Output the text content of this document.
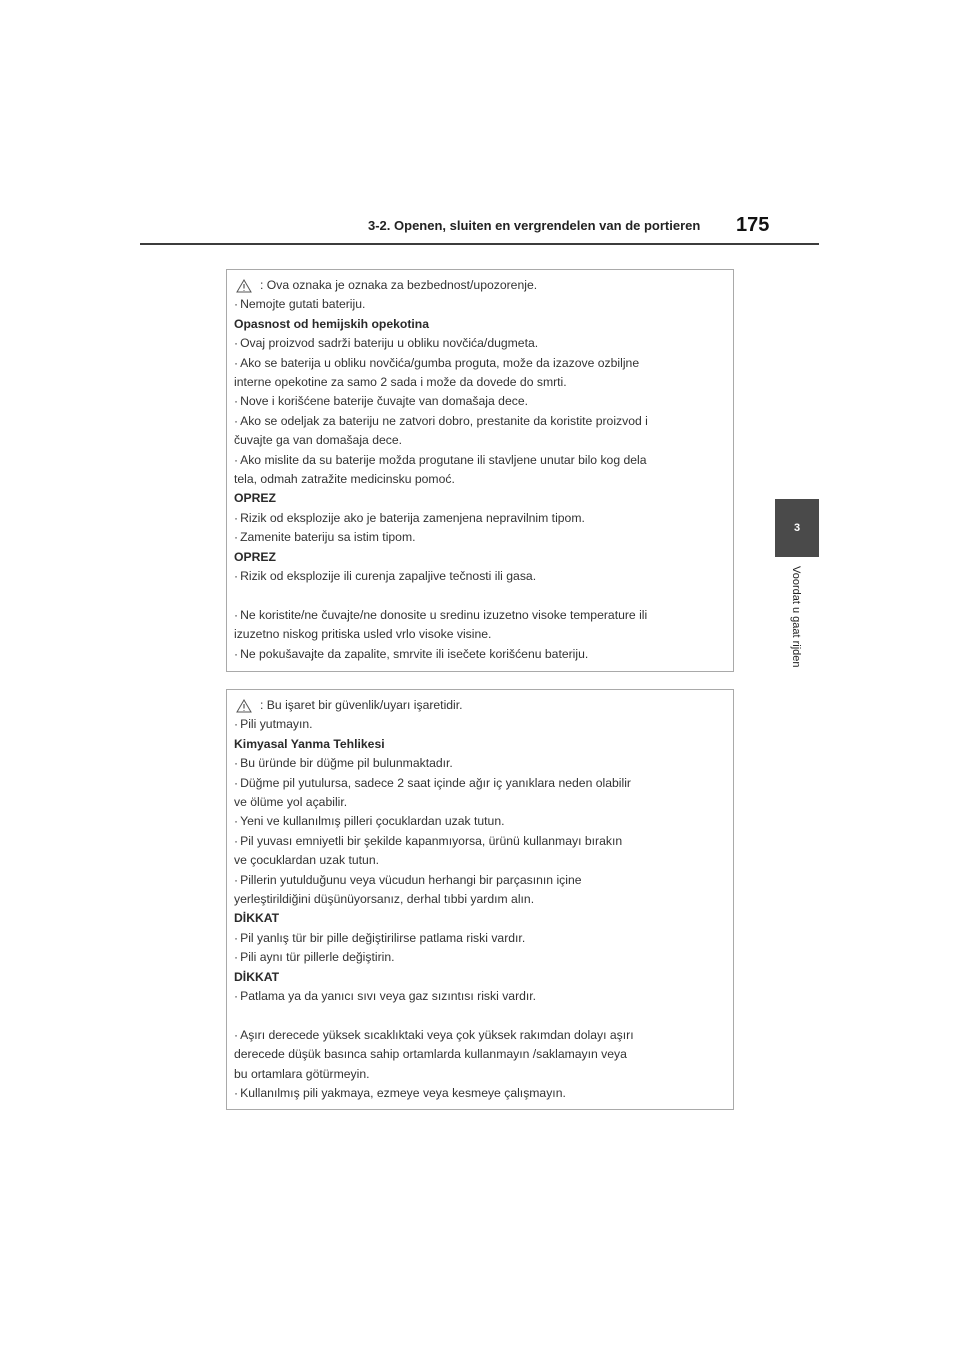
3-2. Openen, sluiten en vergrendelen van de portieren 175
3
Voordat u gaat rijden
: Ova oznaka je oznaka za bezbednost/upozorenje.
· Nemojte gutati bateriju.
Opasnost od hemijskih opekotina
· Ovaj proizvod sadrži bateriju u obliku novčića/dugmeta.
· Ako se baterija u obliku novčića/gumba proguta, može da izazove ozbiljne
interne opekotine za samo 2 sada i može da dovede do smrti.
· Nove i korišćene baterije čuvajte van domašaja dece.
· Ako se odeljak za bateriju ne zatvori dobro, prestanite da koristite proizvod i
čuvajte ga van domašaja dece.
· Ako mislite da su baterije možda progutane ili stavljene unutar bilo kog dela
tela, odmah zatražite medicinsku pomoć.
OPREZ
· Rizik od eksplozije ako je baterija zamenjena nepravilnim tipom.
· Zamenite bateriju sa istim tipom.
OPREZ
· Rizik od eksplozije ili curenja zapaljive tečnosti ili gasa.
· Ne koristite/ne čuvajte/ne donosite u sredinu izuzetno visoke temperature ili
izuzetno niskog pritiska usled vrlo visoke visine.
· Ne pokušavajte da zapalite, smrvite ili isečete korišćenu bateriju.
: Bu işaret bir güvenlik/uyarı işaretidir.
· Pili yutmayın.
Kimyasal Yanma Tehlikesi
· Bu üründe bir düğme pil bulunmaktadır.
· Düğme pil yutulursa, sadece 2 saat içinde ağır iç yanıklara neden olabilir
ve ölüme yol açabilir.
· Yeni ve kullanılmış pilleri çocuklardan uzak tutun.
· Pil yuvası emniyetli bir şekilde kapanmıyorsa, ürünü kullanmayı bırakın
ve çocuklardan uzak tutun.
· Pillerin yutulduğunu veya vücudun herhangi bir parçasının içine
yerleştirildiğini düşünüyorsanız, derhal tıbbi yardım alın.
DİKKAT
· Pil yanlış tür bir pille değiştirilirse patlama riski vardır.
· Pili aynı tür pillerle değiştirin.
DİKKAT
· Patlama ya da yanıcı sıvı veya gaz sızıntısı riski vardır.
· Aşırı derecede yüksek sıcaklıktaki veya çok yüksek rakımdan dolayı aşırı
derecede düşük basınca sahip ortamlarda kullanmayın /saklamayın veya
bu ortamlara götürmeyin.
· Kullanılmış pili yakmaya, ezmeye veya kesmeye çalışmayın.
